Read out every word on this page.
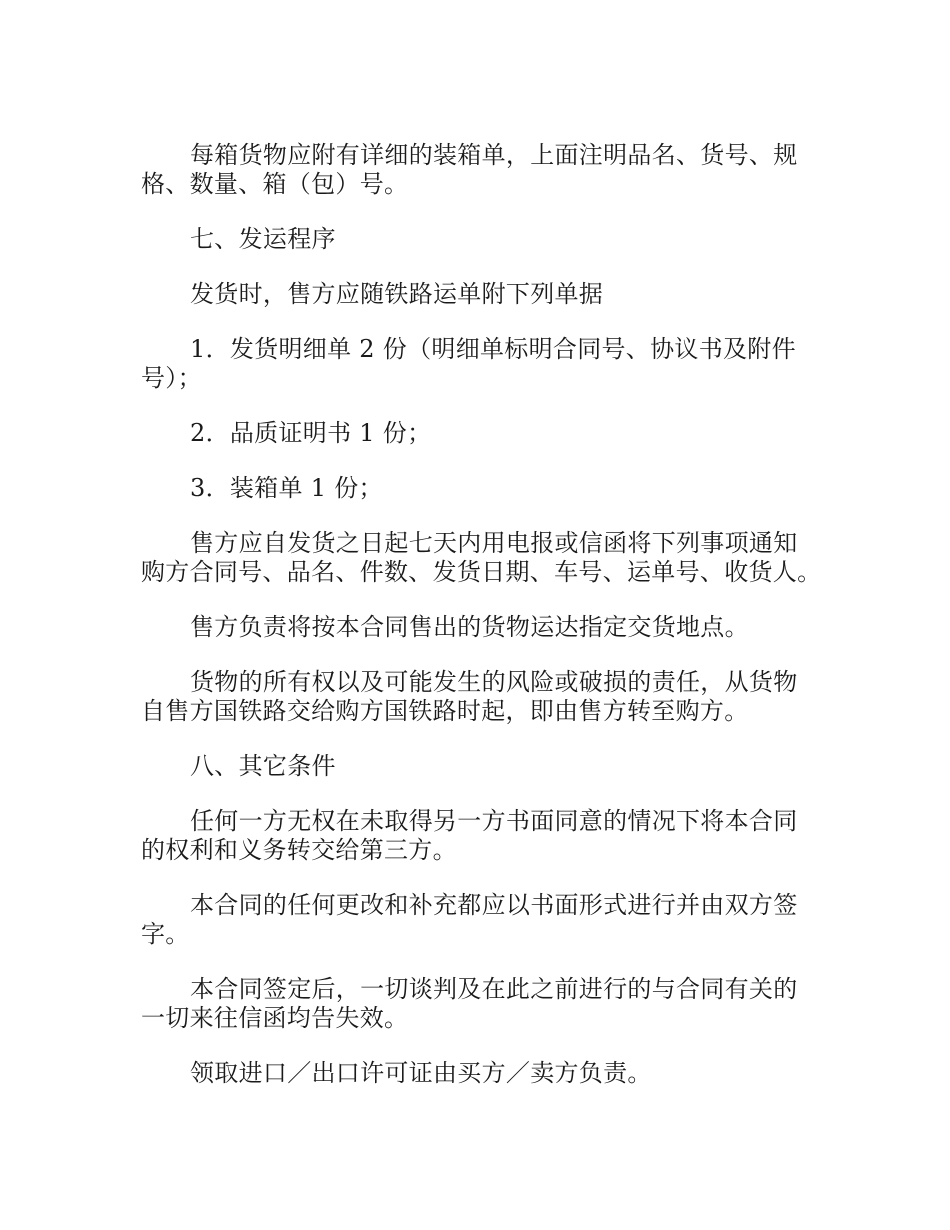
每箱货物应附有详细的装箱单，上面注明品名、货号、规
格、数量、箱（包）号。
七、发运程序
发货时，售方应随铁路运单附下列单据
1．发货明细单 2 份（明细单标明合同号、协议书及附件
号）；
2．品质证明书 1 份；
3．装箱单 1 份；
售方应自发货之日起七天内用电报或信函将下列事项通知
购方合同号、品名、件数、发货日期、车号、运单号、收货人。
售方负责将按本合同售出的货物运达指定交货地点。
货物的所有权以及可能发生的风险或破损的责任，从货物
自售方国铁路交给购方国铁路时起，即由售方转至购方。
八、其它条件
任何一方无权在未取得另一方书面同意的情况下将本合同
的权利和义务转交给第三方。
本合同的任何更改和补充都应以书面形式进行并由双方签
字。
本合同签定后，一切谈判及在此之前进行的与合同有关的
一切来往信函均告失效。
领取进口／出口许可证由买方／卖方负责。
